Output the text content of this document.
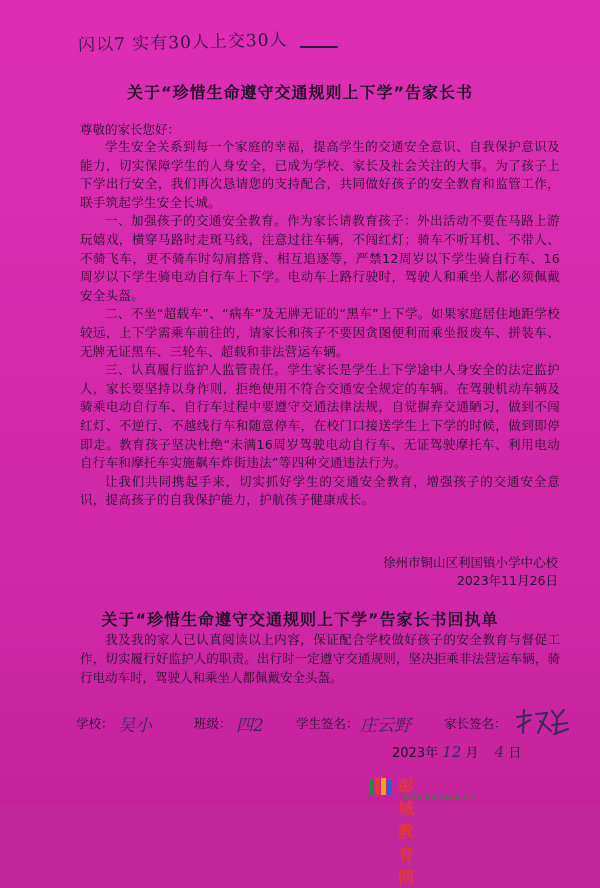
闪以7 实有30人上交30人
关于“珍惜生命遵守交通规则上下学”告家长书
尊敬的家长您好：

学生安全关系到每一个家庭的幸福，提高学生的交通安全意识、自我保护意识及能力，切实保障学生的人身安全，已成为学校、家长及社会关注的大事。为了孩子上下学出行安全，我们再次恳请您的支持配合，共同做好孩子的安全教育和监管工作，联手筑起学生安全长城。

一、加强孩子的交通安全教育。作为家长请教育孩子：外出活动不要在马路上游玩嬉戏，横穿马路时走斑马线，注意过往车辆，不闯红灯；骑车不听耳机、不带人、不骑飞车，更不骑车时勾肩搭背、相互追逐等，严禁12周岁以下学生骑自行车、16周岁以下学生骑电动自行车上下学。电动车上路行驶时，驾驶人和乘坐人都必须佩戴安全头盔。

二、不坐“超载车”、“病车”及无牌无证的“黑车”上下学。如果家庭居住地距学校较远，上下学需乘车前往的，请家长和孩子不要因贪图便利而乘坐报废车、拼装车、无牌无证黑车、三轮车、超载和非法营运车辆。

三、认真履行监护人监管责任。学生家长是学生上下学途中人身安全的法定监护人，家长要坚持以身作则，拒绝使用不符合交通安全规定的车辆。在驾驶机动车辆及骑乘电动自行车、自行车过程中要遵守交通法律法规，自觉摒弃交通陋习，做到不闯红灯、不逆行、不越线行车和随意停车，在校门口接送学生上下学的时候，做到即停即走。教育孩子坚决杜绝“未满16周岁驾驶电动自行车、无证驾驶摩托车、利用电动自行车和摩托车实施飙车炸街违法”等四种交通违法行为。

让我们共同携起手来，切实抓好学生的交通安全教育，增强孩子的交通安全意识，提高孩子的自我保护能力，护航孩子健康成长。

徐州市铜山区利国镇小学中心校
2023年11月26日
关于“珍惜生命遵守交通规则上下学”告家长书回执单

我及我的家人已认真阅读以上内容，保证配合学校做好孩子的安全教育与督促工作，切实履行好监护人的职责。出行时一定遵守交通规则，坚决拒乘非法营运车辆，骑行电动车时，驾驶人和乘坐人都佩戴安全头盔。

学校： 吴小	班级： 四2	学生签名： 庄云野	家长签名：
2023年 12 月 4 日
彭城教育网
www.pcjyedu.cn
